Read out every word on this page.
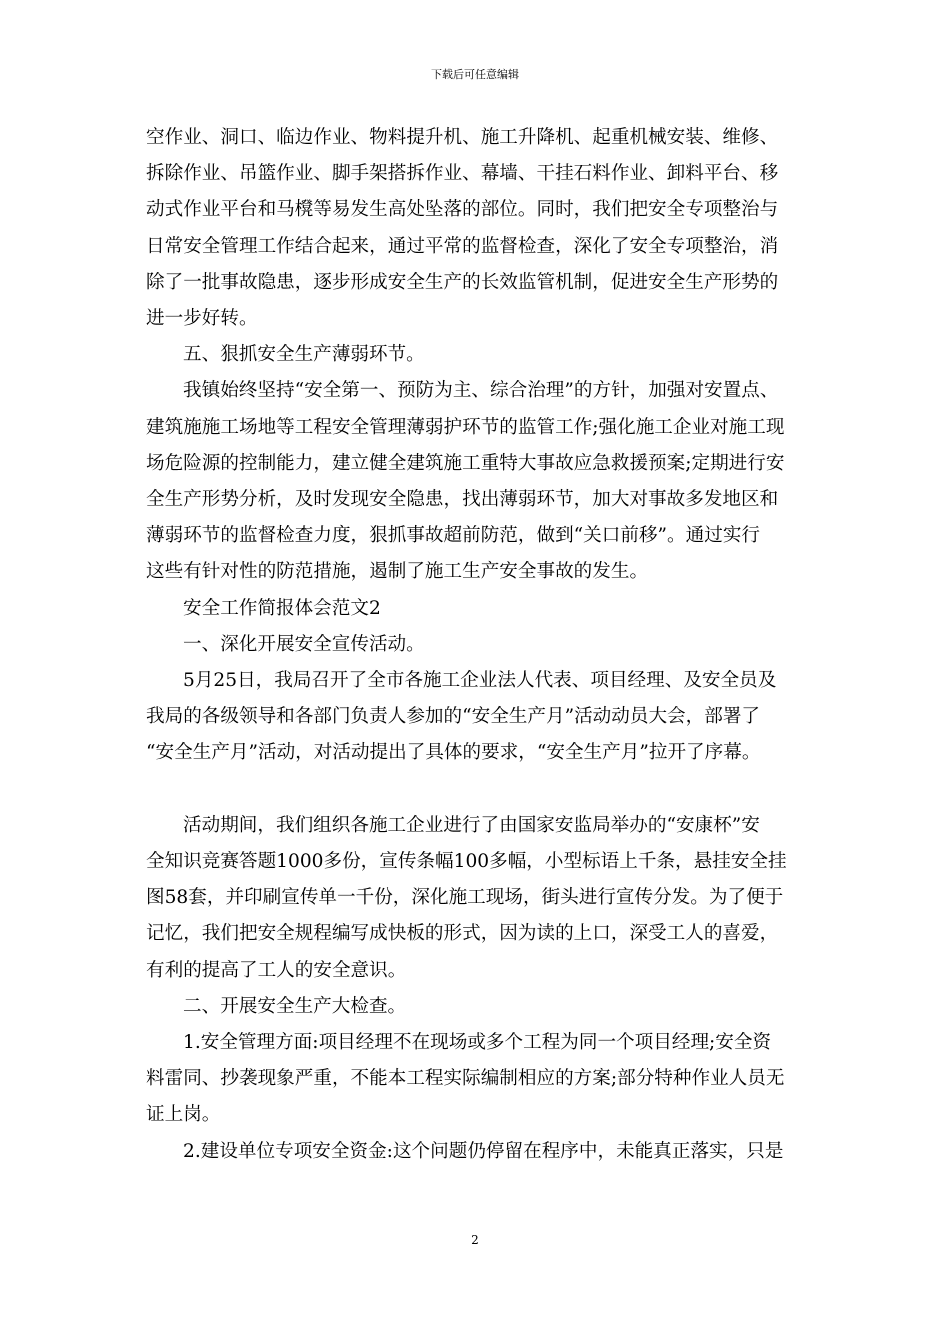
下载后可任意编辑
空作业、洞口、临边作业、物料提升机、施工升降机、起重机械安装、维修、
拆除作业、吊篮作业、脚手架搭拆作业、幕墙、干挂石料作业、卸料平台、移
动式作业平台和马櫈等易发生高处坠落的部位。同时，我们把安全专项整治与
日常安全管理工作结合起来，通过平常的监督检查，深化了安全专项整治，消
除了一批事故隐患，逐步形成安全生产的长效监管机制，促进安全生产形势的
进一步好转。
五、狠抓安全生产薄弱环节。
我镇始终坚持“安全第一、预防为主、综合治理”的方针，加强对安置点、
建筑施施工场地等工程安全管理薄弱护环节的监管工作;强化施工企业对施工现
场危险源的控制能力，建立健全建筑施工重特大事故应急救援预案;定期进行安
全生产形势分析，及时发现安全隐患，找出薄弱环节，加大对事故多发地区和
薄弱环节的监督检查力度，狠抓事故超前防范，做到“关口前移”。通过实行
这些有针对性的防范措施，遏制了施工生产安全事故的发生。
安全工作简报体会范文2
一、深化开展安全宣传活动。
5月25日，我局召开了全市各施工企业法人代表、项目经理、及安全员及
我局的各级领导和各部门负责人参加的“安全生产月”活动动员大会，部署了
“安全生产月”活动，对活动提出了具体的要求，“安全生产月”拉开了序幕。
活动期间，我们组织各施工企业进行了由国家安监局举办的“安康杯”安
全知识竞赛答题1000多份，宣传条幅100多幅，小型标语上千条，悬挂安全挂
图58套，并印刷宣传单一千份，深化施工现场，街头进行宣传分发。为了便于
记忆，我们把安全规程编写成快板的形式，因为读的上口，深受工人的喜爱，
有利的提高了工人的安全意识。
二、开展安全生产大检查。
1.安全管理方面:项目经理不在现场或多个工程为同一个项目经理;安全资
料雷同、抄袭现象严重，不能本工程实际编制相应的方案;部分特种作业人员无
证上岗。
2.建设单位专项安全资金:这个问题仍停留在程序中，未能真正落实，只是
2
